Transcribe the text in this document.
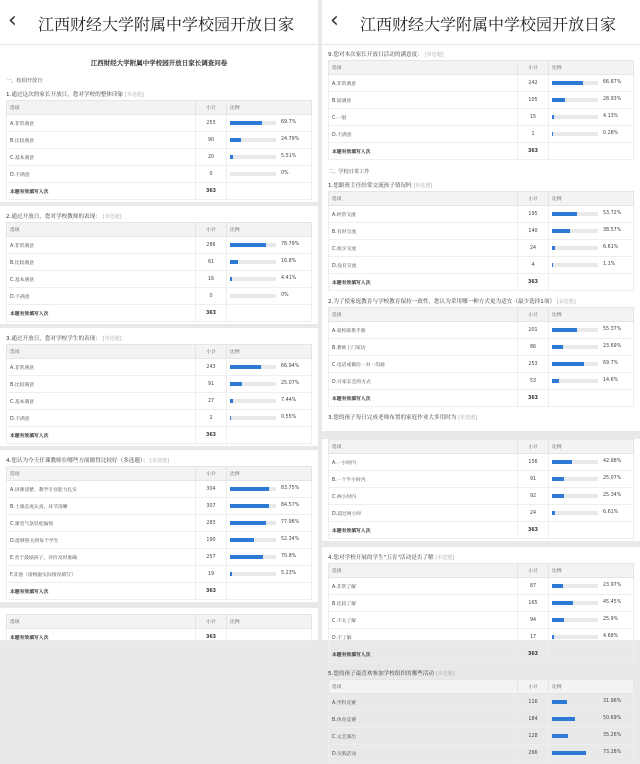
‹ 江西财经大学附属中学校园开放日家
江西财经大学附属中学校园开放日家长调查问卷
一、校园开放日
1.通过这次的家长开放日，您对学校的整体印象 [单选题]
选项	小计	比例
A.非常满意	253	69.7%
B.比较满意	90	24.79%
C.基本满意	20	5.51%
D.不满意	0	0%
本题有效填写人次	363	
2.通过开放日，您对学校教师的表现： [单选题]
选项	小计	比例
A.非常满意	286	78.79%
B.比较满意	61	16.8%
C.基本满意	16	4.41%
D.不满意	0	0%
本题有效填写人次	363	
3.通过开放日，您对学校学生的表现： [单选题]
选项	小计	比例
A.非常满意	243	66.94%
B.比较满意	91	25.07%
C.基本满意	27	7.44%
D.不满意	2	0.55%
本题有效填写人次	363	
4.您认为今天任课教师在哪些方面做得比较好（多选题）： [多选题]
选项	小计	比例
A.讲课清楚、教学专业能力扎实	304	83.75%
B.上课态度认真、环节清晰	307	84.57%
C.课堂气氛轻松愉悦	283	77.96%
D.能够照关到每个学生	190	52.34%
E.善于鼓励孩子，评价及时准确	257	70.8%
F.其他（请根据实际情况填写）	19	5.23%
本题有效填写人次	363	
选项	小计	比例
本题有效填写人次	363	
‹ 江西财经大学附属中学校园开放日家
9.您对本次家长开放日活动的满意度： [单选题]
选项	小计	比例
A.非常满意	242	66.67%
B.较满意	105	28.93%
C.一般	15	4.13%
D.不满意	1	0.28%
本题有效填写人次	363	
二、学校日常工作
1.您跟班主任经常交流孩子情况吗 [单选题]
选项	小计	比例
A.经常交流	195	53.72%
B.有时交流	140	38.57%
C.很少交流	24	6.61%
D.没有交流	4	1.1%
本题有效填写人次	363	
2.为了使家庭教育与学校教育保持一致性，您认为采用哪一种方式更为适宜（最少选择1项） [多选题]
选项	小计	比例
A.家校联系手册	201	55.37%
B.教师上门家访	86	23.69%
C.电话或微信一对一沟通	253	69.7%
D.开家长会的方式	53	14.6%
本题有效填写人次	363	
3.您的孩子每日完成老师布置的家庭作业大多用时为 [单选题]
选项	小计	比例
A.一小时内	156	42.98%
B.一个半小时内	91	25.07%
C.两小时内	92	25.34%
D.超过两小时	24	6.61%
本题有效填写人次	363	
4.您对学校开展的学生"五育"活动是否了解 [单选题]
选项	小计	比例
A.非常了解	87	23.97%
B.比较了解	165	45.45%
C.不太了解	94	25.9%
D.不了解	17	4.68%
本题有效填写人次	363	
5.您的孩子最喜欢参加学校组织的哪些活动 [多选题]
选项	小计	比例
A.学科竞赛	116	31.96%
B.体育竞赛	184	50.69%
C.文艺演出	128	35.26%
D.实践活动	266	73.28%
